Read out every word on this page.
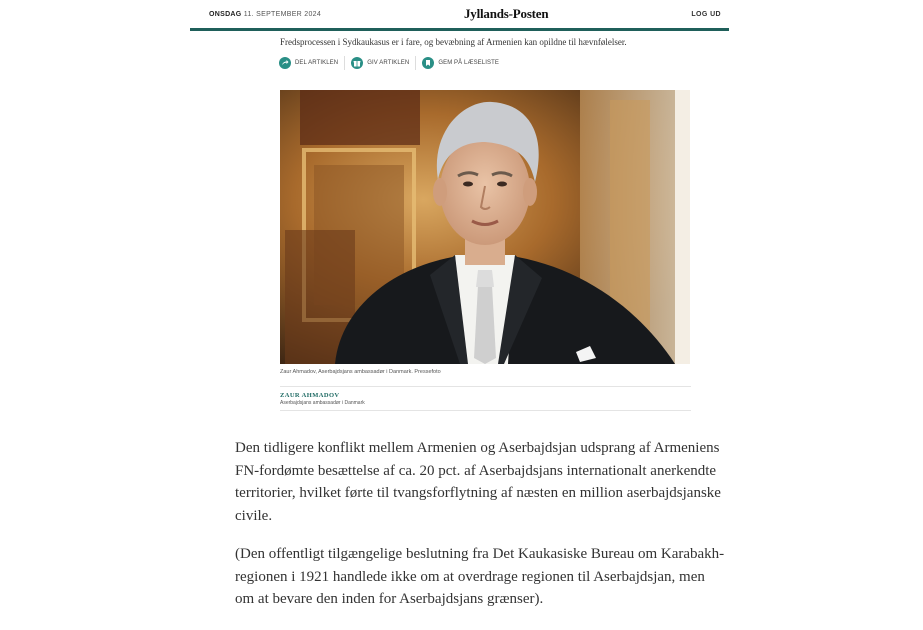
ONSDAG 11. SEPTEMBER 2024	Jyllands-Posten	LOG UD
Fredsprocessen i Sydkaukasus er i fare, og bevæbning af Armenien kan opildne til hævnfølelser.
DEL ARTIKLEN	GIV ARTIKLEN	GEM PÅ LÆSELISTE
Zaur Ahmadov, Aserbajdsjans ambassadør i Danmark. Pressefoto
ZAUR AHMADOV
Aserbajdsjans ambassadør i Danmark

Den tidligere konflikt mellem Armenien og Aserbajdsjan udsprang af Armeniens FN-fordømte besættelse af ca. 20 pct. af Aserbajdsjans internationalt anerkendte territorier, hvilket førte til tvangsforflytning af næsten en million aserbajdsjanske civile.

(Den offentligt tilgængelige beslutning fra Det Kaukasiske Bureau om Karabakh-regionen i 1921 handlede ikke om at overdrage regionen til Aserbajdsjan, men om at bevare den inden for Aserbajdsjans grænser).
